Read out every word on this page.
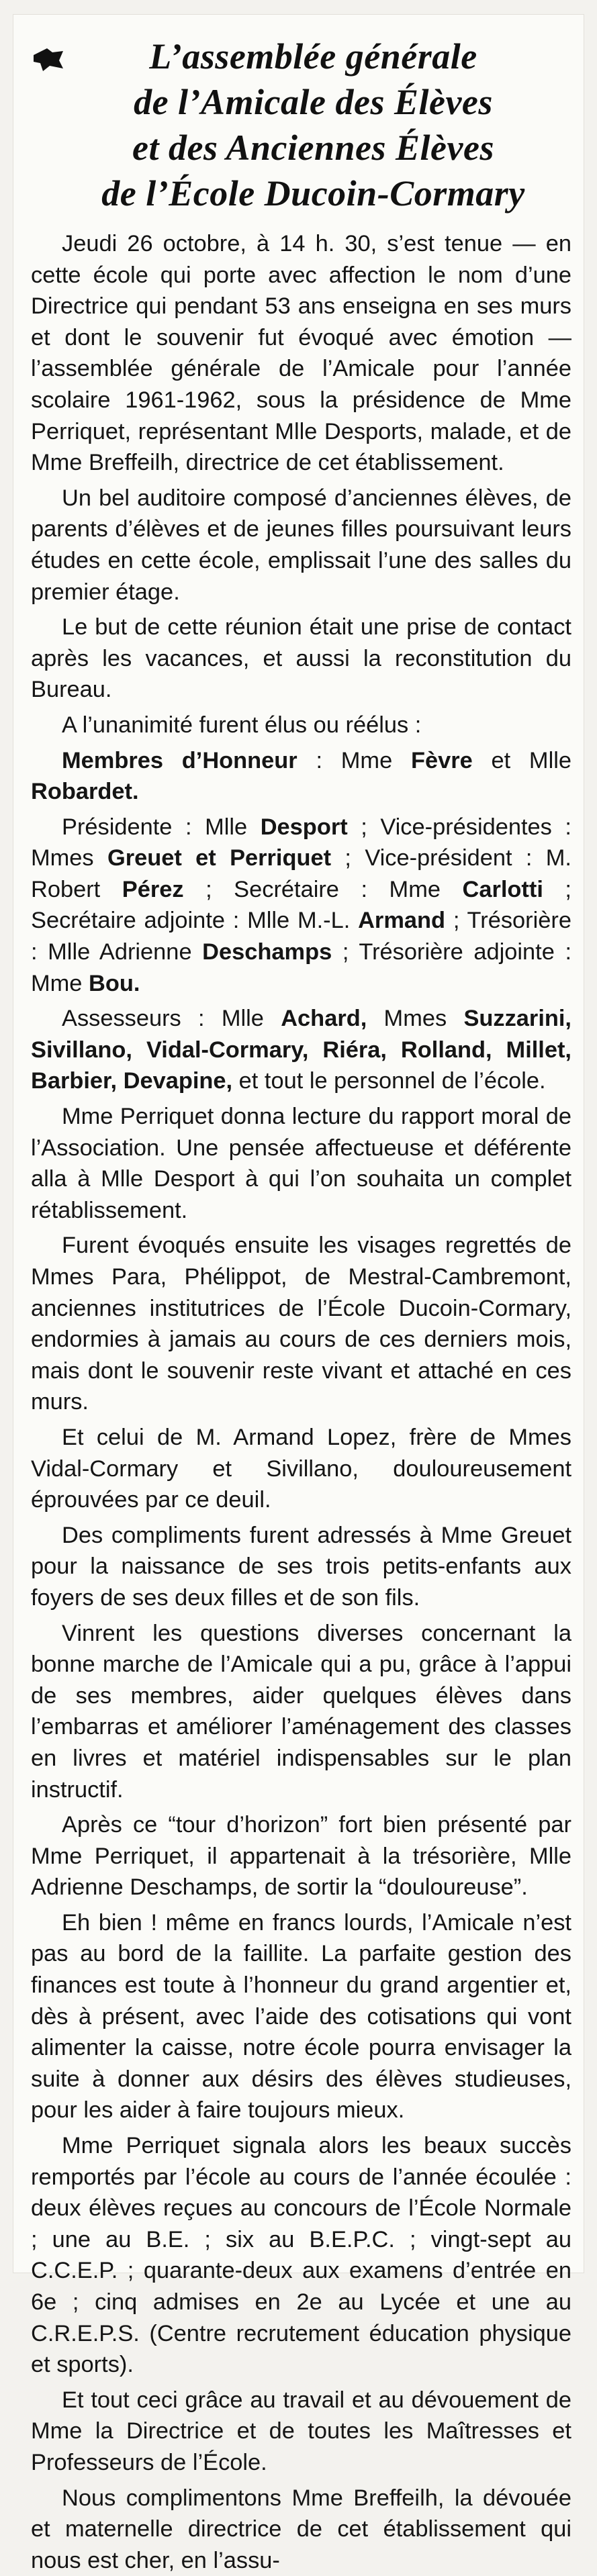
L’assemblée générale
de l’Amicale des Élèves
et des Anciennes Élèves
de l’École Ducoin-Cormary

Jeudi 26 octobre, à 14 h. 30, s’est tenue — en cette école qui porte avec affection le nom d’une Directrice qui pendant 53 ans enseigna en ses murs et dont le souvenir fut évoqué avec émotion — l’assemblée générale de l’Amicale pour l’année scolaire 1961-1962, sous la présidence de Mme Perriquet, représentant Mlle Desports, malade, et de Mme Breffeilh, directrice de cet établissement.

Un bel auditoire composé d’anciennes élèves, de parents d’élèves et de jeunes filles poursuivant leurs études en cette école, emplissait l’une des salles du premier étage.

Le but de cette réunion était une prise de contact après les vacances, et aussi la reconstitution du Bureau.

A l’unanimité furent élus ou réélus :

Membres d’Honneur : Mme Fèvre et Mlle Robardet.

Présidente : Mlle Desport ; Vice-présidentes : Mmes Greuet et Perriquet ; Vice-président : M. Robert Pérez ; Secrétaire : Mme Carlotti ; Secrétaire adjointe : Mlle M.-L. Armand ; Trésorière : Mlle Adrienne Deschamps ; Trésorière adjointe : Mme Bou.

Assesseurs : Mlle Achard, Mmes Suzzarini, Sivillano, Vidal-Cormary, Riéra, Rolland, Millet, Barbier, Devapine, et tout le personnel de l’école.

Mme Perriquet donna lecture du rapport moral de l’Association. Une pensée affectueuse et déférente alla à Mlle Desport à qui l’on souhaita un complet rétablissement.

Furent évoqués ensuite les visages regrettés de Mmes Para, Phélippot, de Mestral-Cambremont, anciennes institutrices de l’École Ducoin-Cormary, endormies à jamais au cours de ces derniers mois, mais dont le souvenir reste vivant et attaché en ces murs.

Et celui de M. Armand Lopez, frère de Mmes Vidal-Cormary et Sivillano, douloureusement éprouvées par ce deuil.

Des compliments furent adressés à Mme Greuet pour la naissance de ses trois petits-enfants aux foyers de ses deux filles et de son fils.

Vinrent les questions diverses concernant la bonne marche de l’Amicale qui a pu, grâce à l’appui de ses membres, aider quelques élèves dans l’embarras et améliorer l’aménagement des classes en livres et matériel indispensables sur le plan instructif.

Après ce “tour d’horizon” fort bien présenté par Mme Perriquet, il appartenait à la trésorière, Mlle Adrienne Deschamps, de sortir la “douloureuse”.

Eh bien ! même en francs lourds, l’Amicale n’est pas au bord de la faillite. La parfaite gestion des finances est toute à l’honneur du grand argentier et, dès à présent, avec l’aide des cotisations qui vont alimenter la caisse, notre école pourra envisager la suite à donner aux désirs des élèves studieuses, pour les aider à faire toujours mieux.

Mme Perriquet signala alors les beaux succès remportés par l’école au cours de l’année écoulée : deux élèves reçues au concours de l’École Normale ; une au B.E. ; six au B.E.P.C. ; vingt-sept au C.C.E.P. ; quarante-deux aux examens d’entrée en 6e ; cinq admises en 2e au Lycée et une au C.R.E.P.S. (Centre recrutement éducation physique et sports).

Et tout ceci grâce au travail et au dévouement de Mme la Directrice et de toutes les Maîtresses et Professeurs de l’École.

Nous complimentons Mme Breffeilh, la dévouée et maternelle directrice de cet établissement qui nous est cher, en l’assu-
